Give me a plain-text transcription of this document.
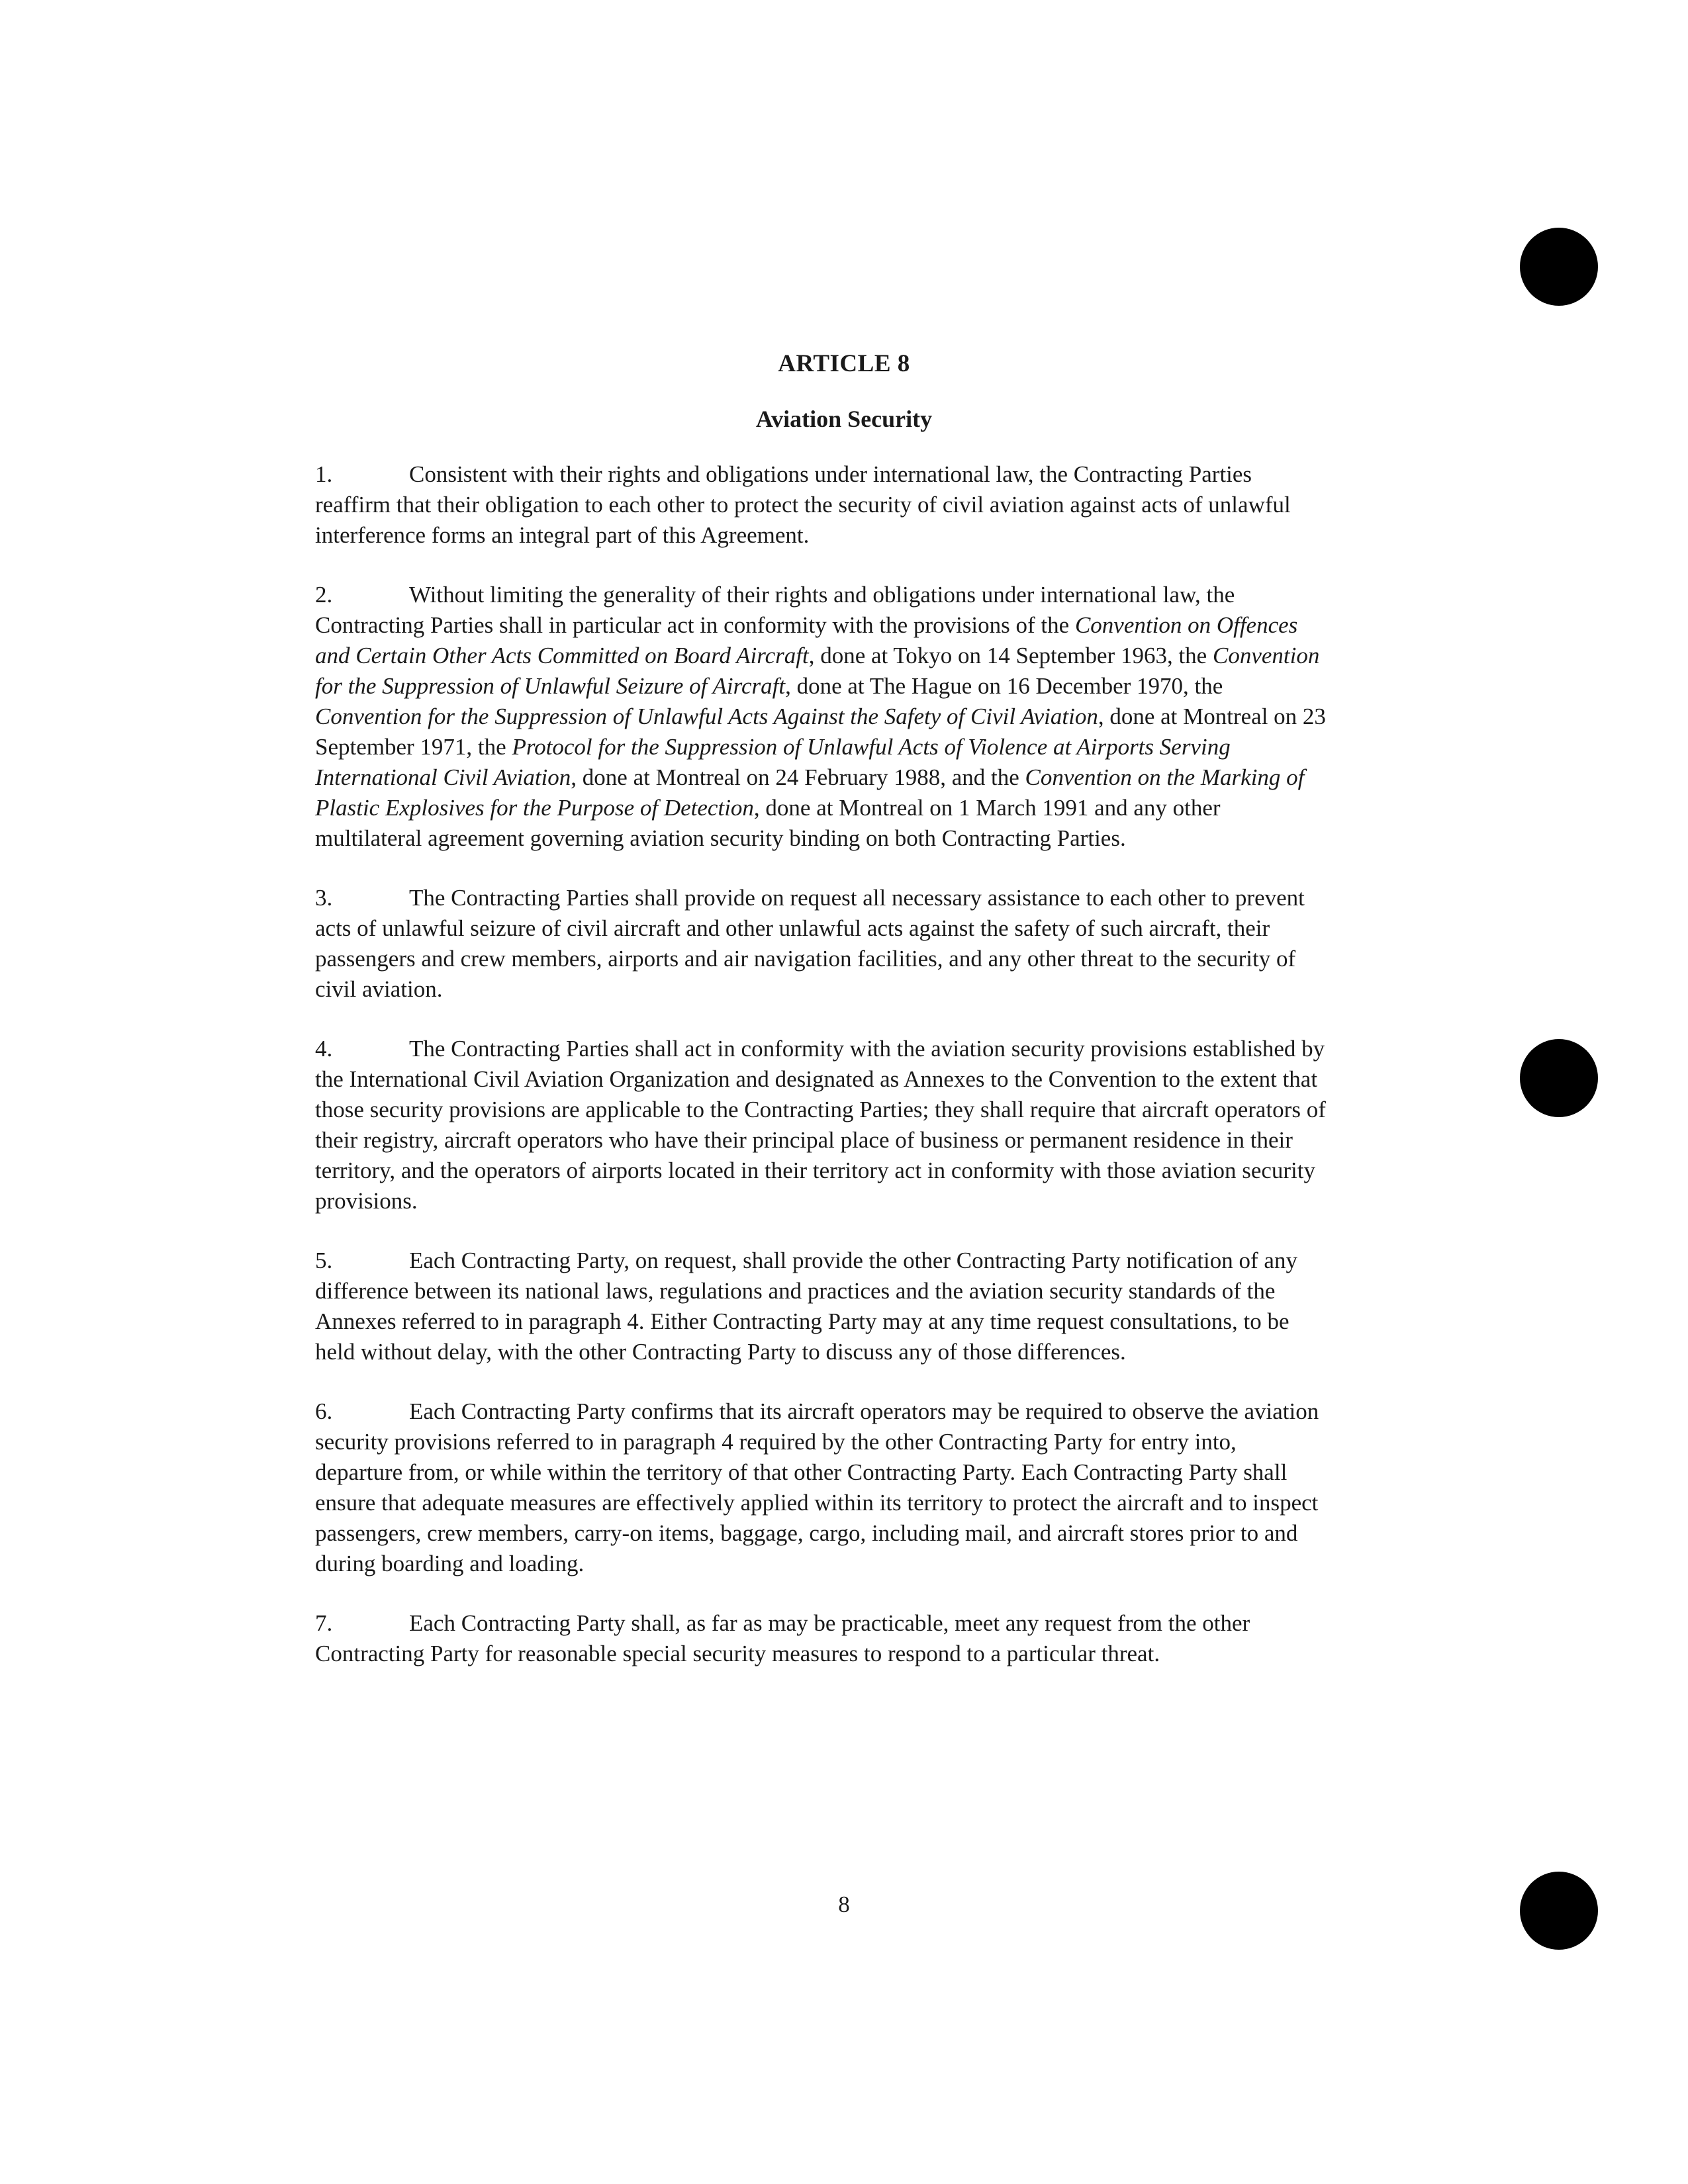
ARTICLE 8
Aviation Security

1.	Consistent with their rights and obligations under international law, the Contracting Parties reaffirm that their obligation to each other to protect the security of civil aviation against acts of unlawful interference forms an integral part of this Agreement.

2.	Without limiting the generality of their rights and obligations under international law, the Contracting Parties shall in particular act in conformity with the provisions of the Convention on Offences and Certain Other Acts Committed on Board Aircraft, done at Tokyo on 14 September 1963, the Convention for the Suppression of Unlawful Seizure of Aircraft, done at The Hague on 16 December 1970, the Convention for the Suppression of Unlawful Acts Against the Safety of Civil Aviation, done at Montreal on 23 September 1971, the Protocol for the Suppression of Unlawful Acts of Violence at Airports Serving International Civil Aviation, done at Montreal on 24 February 1988, and the Convention on the Marking of Plastic Explosives for the Purpose of Detection, done at Montreal on 1 March 1991 and any other multilateral agreement governing aviation security binding on both Contracting Parties.

3.	The Contracting Parties shall provide on request all necessary assistance to each other to prevent acts of unlawful seizure of civil aircraft and other unlawful acts against the safety of such aircraft, their passengers and crew members, airports and air navigation facilities, and any other threat to the security of civil aviation.

4.	The Contracting Parties shall act in conformity with the aviation security provisions established by the International Civil Aviation Organization and designated as Annexes to the Convention to the extent that those security provisions are applicable to the Contracting Parties; they shall require that aircraft operators of their registry, aircraft operators who have their principal place of business or permanent residence in their territory, and the operators of airports located in their territory act in conformity with those aviation security provisions.

5.	Each Contracting Party, on request, shall provide the other Contracting Party notification of any difference between its national laws, regulations and practices and the aviation security standards of the Annexes referred to in paragraph 4. Either Contracting Party may at any time request consultations, to be held without delay, with the other Contracting Party to discuss any of those differences.

6.	Each Contracting Party confirms that its aircraft operators may be required to observe the aviation security provisions referred to in paragraph 4 required by the other Contracting Party for entry into, departure from, or while within the territory of that other Contracting Party. Each Contracting Party shall ensure that adequate measures are effectively applied within its territory to protect the aircraft and to inspect passengers, crew members, carry-on items, baggage, cargo, including mail, and aircraft stores prior to and during boarding and loading.

7.	Each Contracting Party shall, as far as may be practicable, meet any request from the other Contracting Party for reasonable special security measures to respond to a particular threat.

8
